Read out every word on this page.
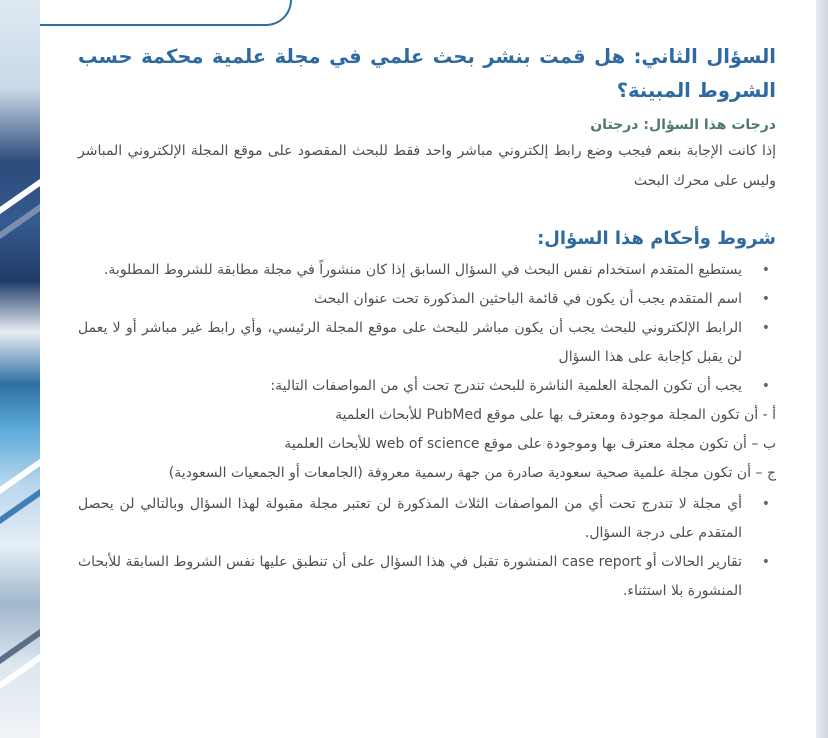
السؤال الثاني: هل قمت بنشر بحث علمي في مجلة علمية محكمة حسب الشروط المبينة؟
درجات هذا السؤال: درجتان
إذا كانت الإجابة بنعم فيجب وضع رابط إلكتروني مباشر واحد فقط للبحث المقصود على موقع المجلة الإلكتروني المباشر وليس على محرك البحث
شروط وأحكام هذا السؤال:
• يستطيع المتقدم استخدام نفس البحث في السؤال السابق إذا كان منشوراً في مجلة مطابقة للشروط المطلوبة.
• اسم المتقدم يجب أن يكون في قائمة الباحثين المذكورة تحت عنوان البحث
• الرابط الإلكتروني للبحث يجب أن يكون مباشر للبحث على موقع المجلة الرئيسي، وأي رابط غير مباشر أو لا يعمل لن يقبل كإجابة على هذا السؤال
• يجب أن تكون المجلة العلمية الناشرة للبحث تندرج تحت أي من المواصفات التالية:
أ - أن تكون المجلة موجودة ومعترف بها على موقع PubMed للأبحاث العلمية
ب – أن تكون مجلة معترف بها وموجودة على موقع web of science للأبحاث العلمية
ج – أن تكون مجلة علمية صحية سعودية صادرة من جهة رسمية معروفة (الجامعات أو الجمعيات السعودية)
• أي مجلة لا تندرج تحت أي من المواصفات الثلاث المذكورة لن تعتبر مجلة مقبولة لهذا السؤال وبالتالي لن يحصل المتقدم على درجة السؤال.
• تقارير الحالات أو case report المنشورة تقبل في هذا السؤال على أن تنطبق عليها نفس الشروط السابقة للأبحاث المنشورة بلا استثناء.
